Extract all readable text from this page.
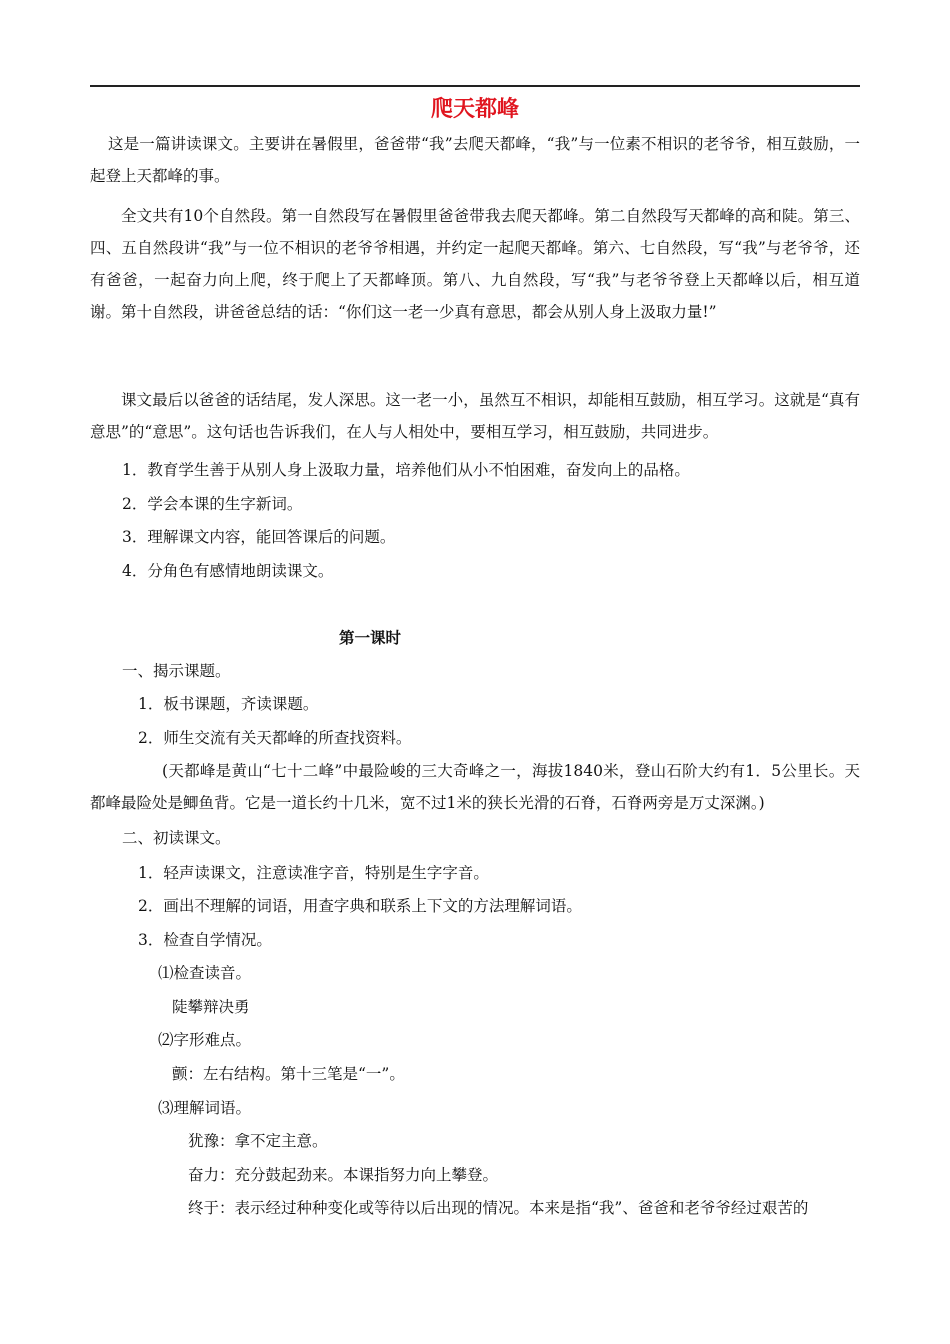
爬天都峰

这是一篇讲读课文。主要讲在暑假里，爸爸带“我”去爬天都峰，“我”与一位素不相识的老爷爷，相互鼓励，一起登上天都峰的事。

全文共有10个自然段。第一自然段写在暑假里爸爸带我去爬天都峰。第二自然段写天都峰的高和陡。第三、四、五自然段讲“我”与一位不相识的老爷爷相遇，并约定一起爬天都峰。第六、七自然段，写“我”与老爷爷，还有爸爸，一起奋力向上爬，终于爬上了天都峰顶。第八、九自然段，写“我”与老爷爷登上天都峰以后，相互道谢。第十自然段，讲爸爸总结的话：“你们这一老一少真有意思，都会从别人身上汲取力量!”

课文最后以爸爸的话结尾，发人深思。这一老一小，虽然互不相识，却能相互鼓励，相互学习。这就是“真有意思”的“意思”。这句话也告诉我们，在人与人相处中，要相互学习，相互鼓励，共同进步。

1．教育学生善于从别人身上汲取力量，培养他们从小不怕困难，奋发向上的品格。

2．学会本课的生字新词。

3．理解课文内容，能回答课后的问题。

4．分角色有感情地朗读课文。

第一课时

一、揭示课题。

1．板书课题，齐读课题。

2．师生交流有关天都峰的所查找资料。

(天都峰是黄山“七十二峰”中最险峻的三大奇峰之一，海拔1840米，登山石阶大约有1．5公里长。天都峰最险处是鲫鱼背。它是一道长约十几米，宽不过1米的狭长光滑的石脊，石脊两旁是万丈深渊。)

二、初读课文。

1．轻声读课文，注意读准字音，特别是生字字音。

2．画出不理解的词语，用查字典和联系上下文的方法理解词语。

3．检查自学情况。

⑴检查读音。

陡攀辩决勇

⑵字形难点。

颤：左右结构。第十三笔是“一”。

⑶理解词语。

犹豫：拿不定主意。

奋力：充分鼓起劲来。本课指努力向上攀登。

终于：表示经过种种变化或等待以后出现的情况。本来是指“我”、爸爸和老爷爷经过艰苦的
